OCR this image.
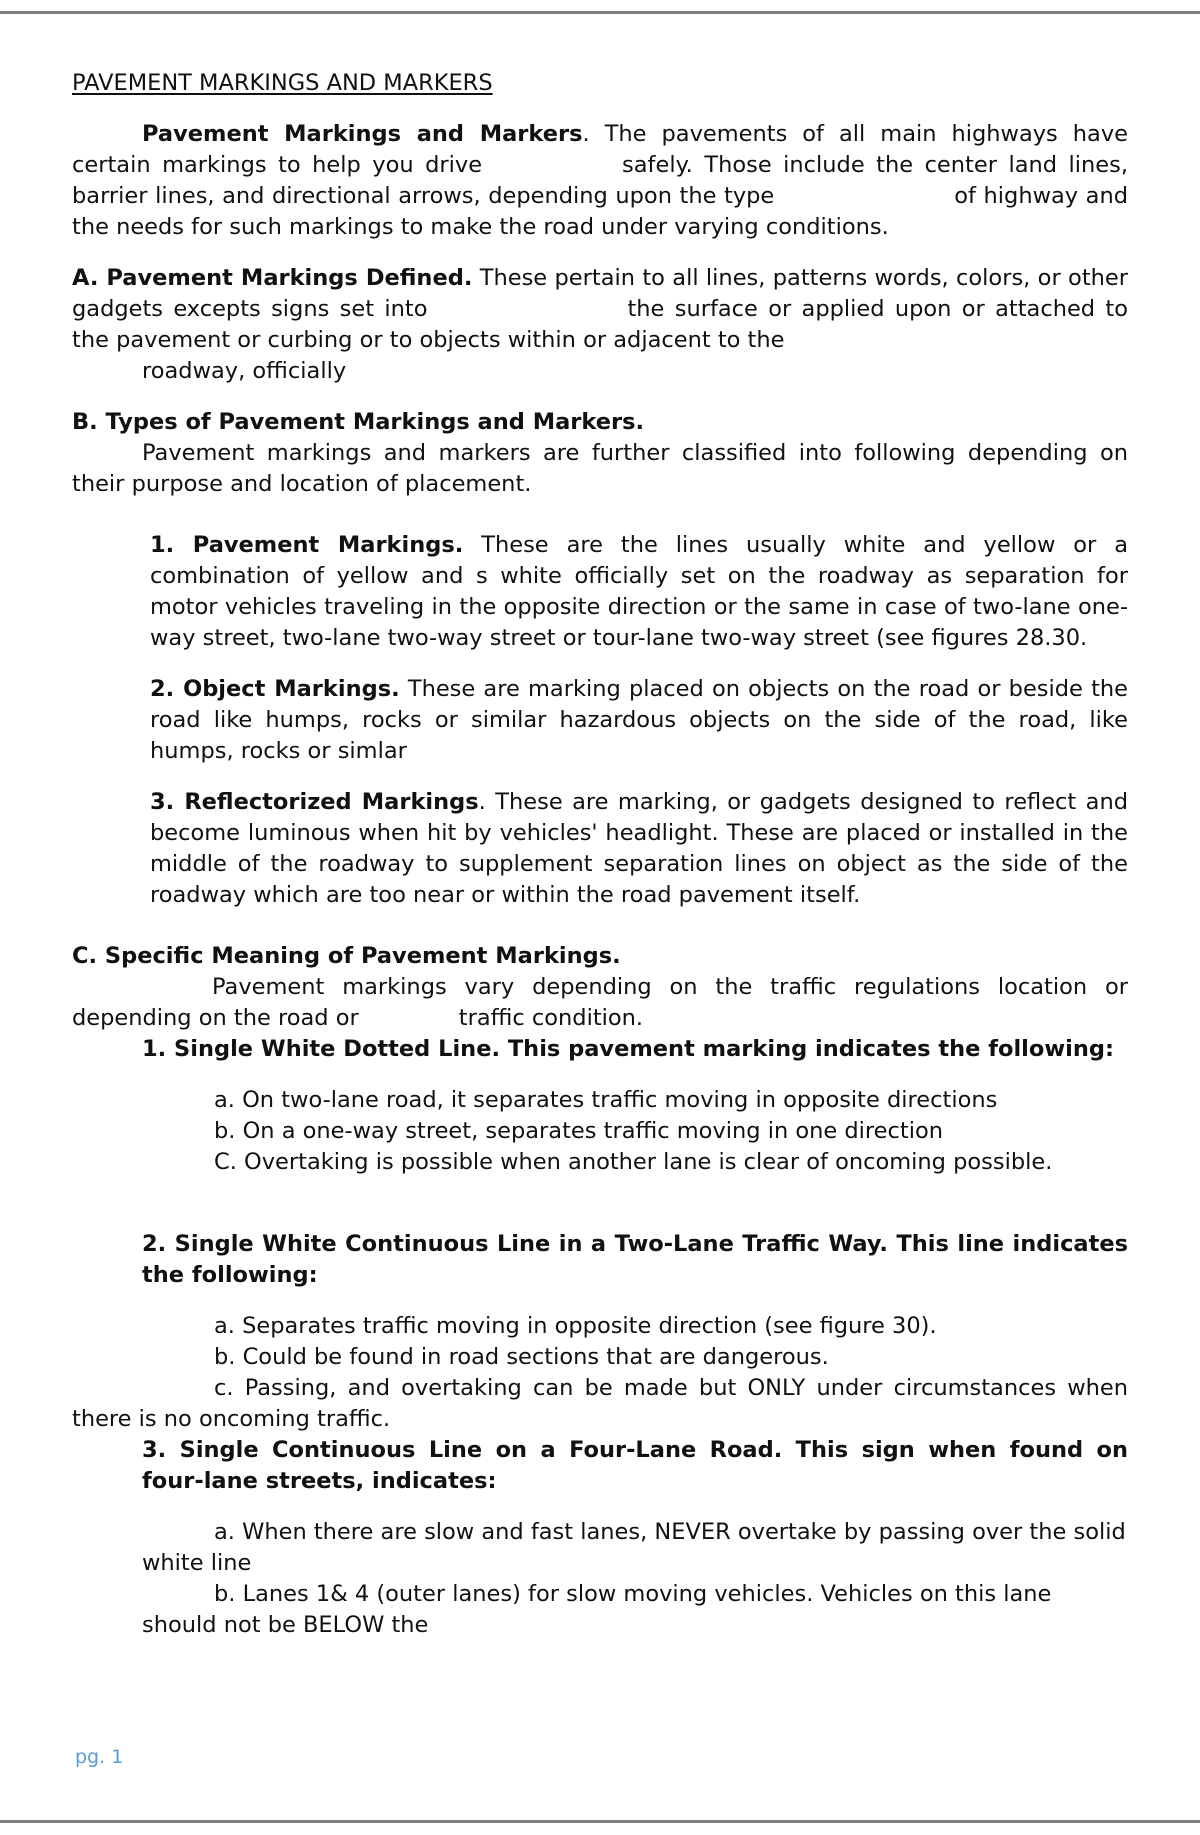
PAVEMENT MARKINGS AND MARKERS

Pavement Markings and Markers. The pavements of all main highways have certain markings to help you drive	safely. Those include the center land lines, barrier lines, and directional arrows, depending upon the type	of highway and the needs for such markings to make the road under varying conditions.

A. Pavement Markings Defined. These pertain to all lines, patterns words, colors, or other gadgets excepts signs set into	the surface or applied upon or attached to the pavement or curbing or to objects within or adjacent to the

roadway, officially

B. Types of Pavement Markings and Markers.

Pavement markings and markers are further classified into following depending on their purpose and location of placement.

1. Pavement Markings. These are the lines usually white and yellow or a combination of yellow and s white officially set on the roadway as separation for motor vehicles traveling in the opposite direction or the same in case of two-lane one-way street, two-lane two-way street or tour-lane two-way street (see figures 28.30.

2. Object Markings. These are marking placed on objects on the road or beside the road like humps, rocks or similar hazardous objects on the side of the road, like humps, rocks or simlar

3. Reflectorized Markings. These are marking, or gadgets designed to reflect and become luminous when hit by vehicles' headlight. These are placed or installed in the middle of the roadway to supplement separation lines on object as the side of the roadway which are too near or within the road pavement itself.

C. Specific Meaning of Pavement Markings.

Pavement markings vary depending on the traffic regulations location or depending on the road or	traffic condition.

1. Single White Dotted Line. This pavement marking indicates the following:

a. On two-lane road, it separates traffic moving in opposite directions

b. On a one-way street, separates traffic moving in one direction

C. Overtaking is possible when another lane is clear of oncoming possible.

2. Single White Continuous Line in a Two-Lane Traffic Way. This line indicates the following:

a. Separates traffic moving in opposite direction (see figure 30).

b. Could be found in road sections that are dangerous.

c. Passing, and overtaking can be made but ONLY under circumstances when there is no oncoming traffic.

3. Single Continuous Line on a Four-Lane Road. This sign when found on four-lane streets, indicates:

a. When there are slow and fast lanes, NEVER overtake by passing over the solid white line

b. Lanes 1& 4 (outer lanes) for slow moving vehicles. Vehicles on this lane should not be BELOW the

pg. 1
